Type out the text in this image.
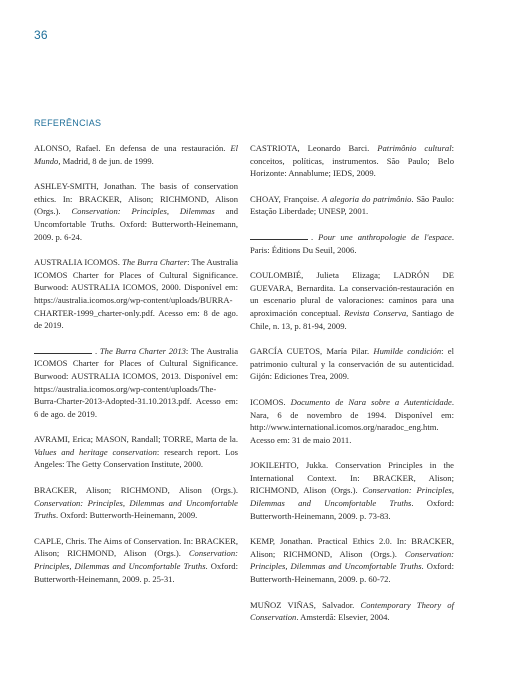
36
REFERÊNCIAS

ALONSO, Rafael. En defensa de una restauración. El Mundo, Madrid, 8 de jun. de 1999.

ASHLEY-SMITH, Jonathan. The basis of conservation ethics. In: BRACKER, Alison; RICHMOND, Alison (Orgs.). Conservation: Principles, Dilemmas and Uncomfortable Truths. Oxford: Butterworth-Heinemann, 2009. p. 6-24.

AUSTRALIA ICOMOS. The Burra Charter: The Australia ICOMOS Charter for Places of Cultural Significance. Burwood: AUSTRALIA ICOMOS, 2000. Disponível em: https://australia.icomos.org/wp-content/uploads/BURRA-CHARTER-1999_charter-only.pdf. Acesso em: 8 de ago. de 2019.

. The Burra Charter 2013: The Australia ICOMOS Charter for Places of Cultural Significance. Burwood: AUSTRALIA ICOMOS, 2013. Disponível em: https://australia.icomos.org/wp-content/uploads/The-Burra-Charter-2013-Adopted-31.10.2013.pdf. Acesso em: 6 de ago. de 2019.

AVRAMI, Erica; MASON, Randall; TORRE, Marta de la. Values and heritage conservation: research report. Los Angeles: The Getty Conservation Institute, 2000.

BRACKER, Alison; RICHMOND, Alison (Orgs.). Conservation: Principles, Dilemmas and Uncomfortable Truths. Oxford: Butterworth-Heinemann, 2009.

CAPLE, Chris. The Aims of Conservation. In: BRACKER, Alison; RICHMOND, Alison (Orgs.). Conservation: Principles, Dilemmas and Uncomfortable Truths. Oxford: Butterworth-Heinemann, 2009. p. 25-31.

CASTRIOTA, Leonardo Barci. Patrimônio cultural: conceitos, políticas, instrumentos. São Paulo; Belo Horizonte: Annablume; IEDS, 2009.

CHOAY, Françoise. A alegoria do patrimônio. São Paulo: Estação Liberdade; UNESP, 2001.

. Pour une anthropologie de l'espace. Paris: Éditions Du Seuil, 2006.

COULOMBIÉ, Julieta Elizaga; LADRÓN DE GUEVARA, Bernardita. La conservación-restauración en un escenario plural de valoraciones: caminos para una aproximación conceptual. Revista Conserva, Santiago de Chile, n. 13, p. 81-94, 2009.

GARCÍA CUETOS, María Pilar. Humilde condición: el patrimonio cultural y la conservación de su autenticidad. Gijón: Ediciones Trea, 2009.

ICOMOS. Documento de Nara sobre a Autenticidade. Nara, 6 de novembro de 1994. Disponível em: http://www.international.icomos.org/naradoc_eng.htm. Acesso em: 31 de maio 2011.

JOKILEHTO, Jukka. Conservation Principles in the International Context. In: BRACKER, Alison; RICHMOND, Alison (Orgs.). Conservation: Principles, Dilemmas and Uncomfortable Truths. Oxford: Butterworth-Heinemann, 2009. p. 73-83.

KEMP, Jonathan. Practical Ethics 2.0. In: BRACKER, Alison; RICHMOND, Alison (Orgs.). Conservation: Principles, Dilemmas and Uncomfortable Truths. Oxford: Butterworth-Heinemann, 2009. p. 60-72.

MUÑOZ VIÑAS, Salvador. Contemporary Theory of Conservation. Amsterdã: Elsevier, 2004.
